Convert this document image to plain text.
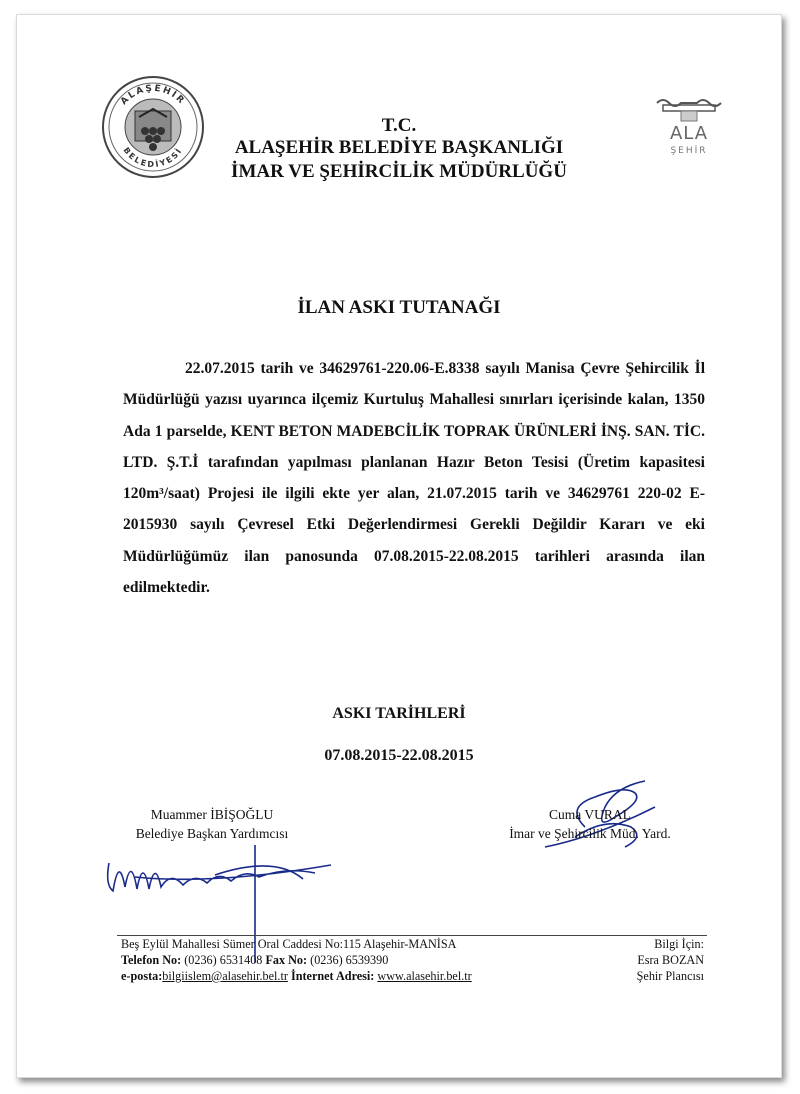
ALAŞEHİR
BELEDİYESİ
ALA
ŞEHİR
T.C.
ALAŞEHİR BELEDİYE BAŞKANLIĞI
İMAR VE ŞEHİRCİLİK MÜDÜRLÜĞÜ
İLAN ASKI TUTANAĞI
22.07.2015 tarih ve 34629761-220.06-E.8338 sayılı Manisa Çevre Şehircilik İl Müdürlüğü yazısı uyarınca ilçemiz Kurtuluş Mahallesi sınırları içerisinde kalan, 1350 Ada 1 parselde, KENT BETON MADEBCİLİK TOPRAK ÜRÜNLERİ İNŞ. SAN. TİC. LTD. Ş.T.İ tarafından yapılması planlanan Hazır Beton Tesisi (Üretim kapasitesi 120m³/saat) Projesi ile ilgili ekte yer alan, 21.07.2015 tarih ve 34629761 220-02 E-2015930 sayılı Çevresel Etki Değerlendirmesi Gerekli Değildir Kararı ve eki Müdürlüğümüz ilan panosunda 07.08.2015-22.08.2015 tarihleri arasında ilan edilmektedir.
ASKI TARİHLERİ
07.08.2015-22.08.2015
Muammer İBİŞOĞLU
Belediye Başkan Yardımcısı
Cuma VURAL
İmar ve Şehircilik Müd. Yard.
Beş Eylül Mahallesi Sümer Oral Caddesi No:115 Alaşehir-MANİSA
Telefon No: (0236) 6531408 Fax No: (0236) 6539390
e-posta:bilgiislem@alasehir.bel.tr İnternet Adresi: www.alasehir.bel.tr
Bilgi İçin:
Esra BOZAN
Şehir Plancısı
